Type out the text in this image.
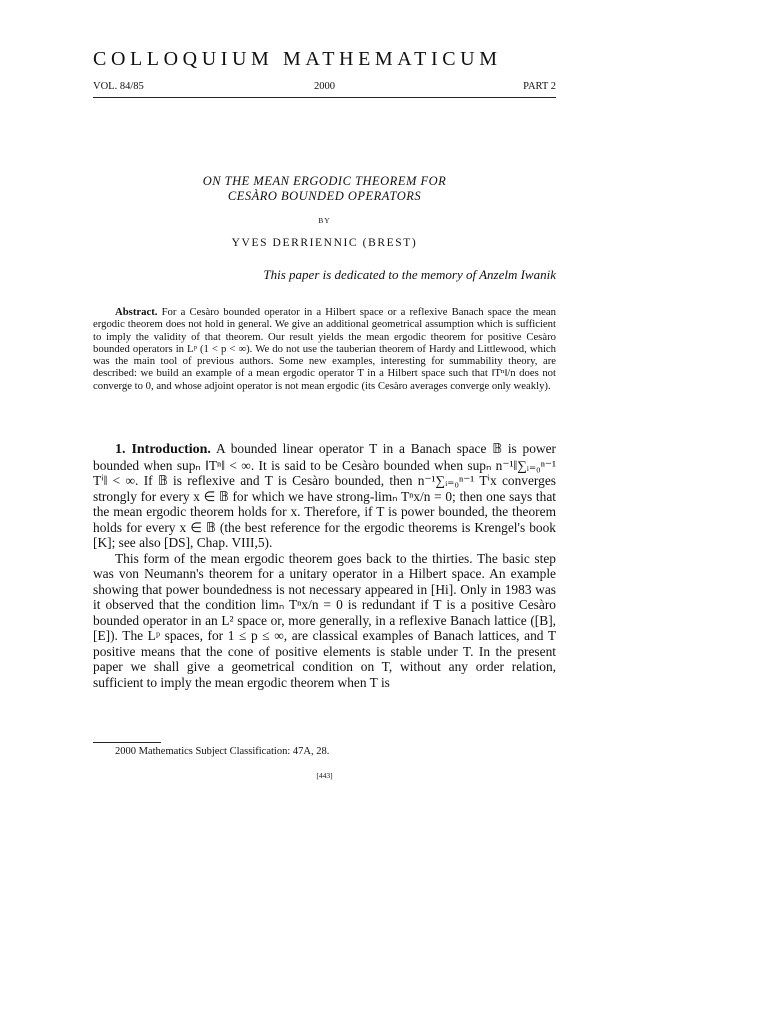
COLLOQUIUM MATHEMATICUM
VOL. 84/85	2000	PART 2
ON THE MEAN ERGODIC THEOREM FOR
CESÀRO BOUNDED OPERATORS
BY
YVES DERRIENNIC (BREST)
This paper is dedicated to the memory of Anzelm Iwanik
Abstract. For a Cesàro bounded operator in a Hilbert space or a reflexive Banach space the mean ergodic theorem does not hold in general. We give an additional geometrical assumption which is sufficient to imply the validity of that theorem. Our result yields the mean ergodic theorem for positive Cesàro bounded operators in Lᵖ (1 < p < ∞). We do not use the tauberian theorem of Hardy and Littlewood, which was the main tool of previous authors. Some new examples, interesting for summability theory, are described: we build an example of a mean ergodic operator T in a Hilbert space such that ‖Tⁿ‖/n does not converge to 0, and whose adjoint operator is not mean ergodic (its Cesàro averages converge only weakly).

1. Introduction. A bounded linear operator T in a Banach space 𝔹 is power bounded when supₙ ‖Tⁿ‖ < ∞. It is said to be Cesàro bounded when supₙ n⁻¹‖∑ᵢ₌₀ⁿ⁻¹ Tⁱ‖ < ∞. If 𝔹 is reflexive and T is Cesàro bounded, then n⁻¹∑ᵢ₌₀ⁿ⁻¹ Tⁱx converges strongly for every x ∈ 𝔹 for which we have strong-limₙ Tⁿx/n = 0; then one says that the mean ergodic theorem holds for x. Therefore, if T is power bounded, the theorem holds for every x ∈ 𝔹 (the best reference for the ergodic theorems is Krengel's book [K]; see also [DS], Chap. VIII,5).

This form of the mean ergodic theorem goes back to the thirties. The basic step was von Neumann's theorem for a unitary operator in a Hilbert space. An example showing that power boundedness is not necessary appeared in [Hi]. Only in 1983 was it observed that the condition limₙ Tⁿx/n = 0 is redundant if T is a positive Cesàro bounded operator in an L² space or, more generally, in a reflexive Banach lattice ([B], [E]). The Lᵖ spaces, for 1 ≤ p ≤ ∞, are classical examples of Banach lattices, and T positive means that the cone of positive elements is stable under T. In the present paper we shall give a geometrical condition on T, without any order relation, sufficient to imply the mean ergodic theorem when T is

2000 Mathematics Subject Classification: 47A, 28.
[443]
